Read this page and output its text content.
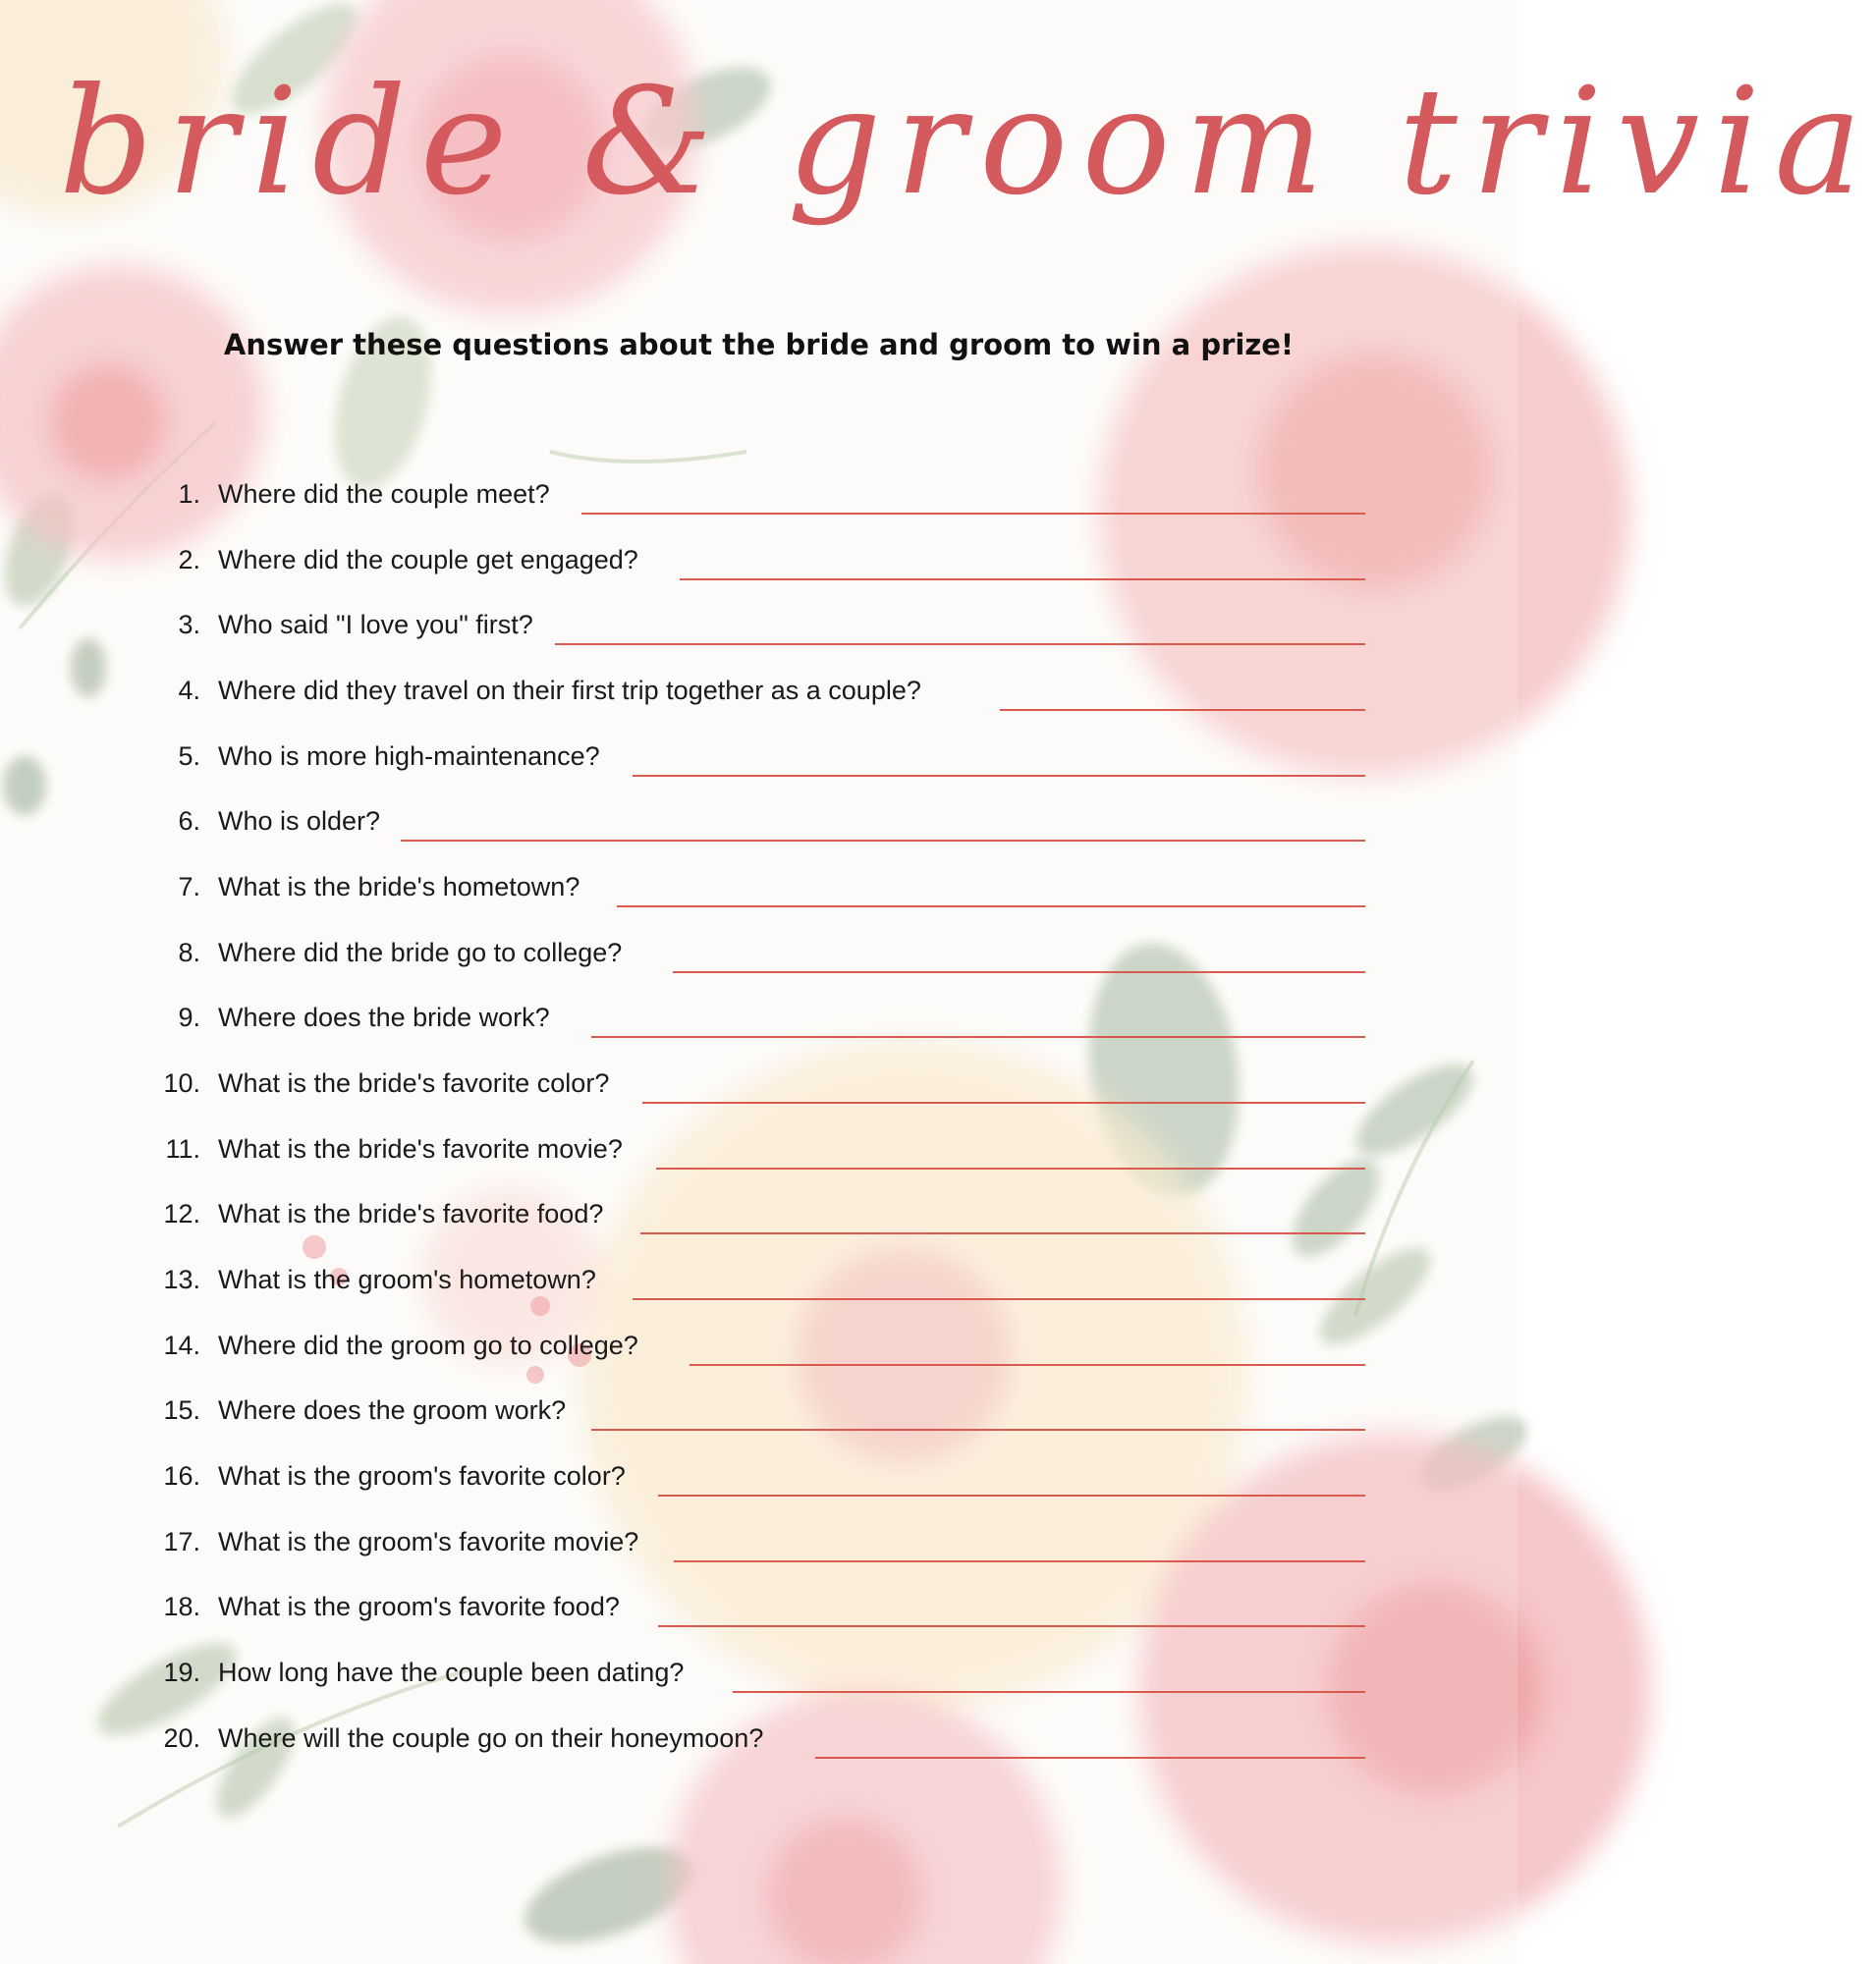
bride & groom trivia
Answer these questions about the bride and groom to win a prize!
1. Where did the couple meet?
2. Where did the couple get engaged?
3. Who said "I love you" first?
4. Where did they travel on their first trip together as a couple?
5. Who is more high-maintenance?
6. Who is older?
7. What is the bride's hometown?
8. Where did the bride go to college?
9. Where does the bride work?
10. What is the bride's favorite color?
11. What is the bride's favorite movie?
12. What is the bride's favorite food?
13. What is the groom's hometown?
14. Where did the groom go to college?
15. Where does the groom work?
16. What is the groom's favorite color?
17. What is the groom's favorite movie?
18. What is the groom's favorite food?
19. How long have the couple been dating?
20. Where will the couple go on their honeymoon?
